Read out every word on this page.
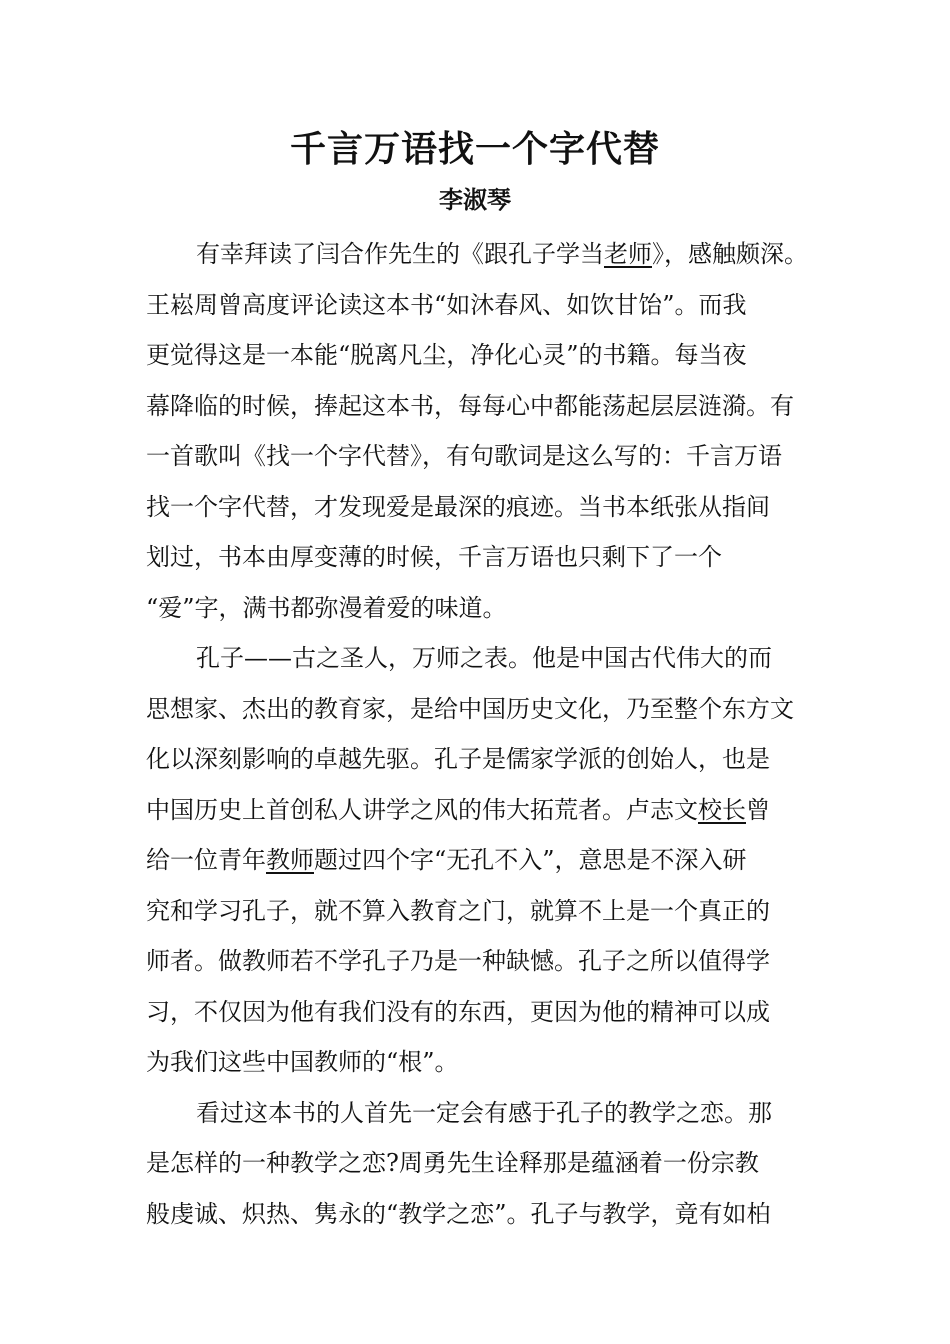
千言万语找一个字代替
李淑琴
有幸拜读了闫合作先生的《跟孔子学当老师》，感触颇深。
王崧周曾高度评论读这本书“如沐春风、如饮甘饴”。而我
更觉得这是一本能“脱离凡尘，净化心灵”的书籍。每当夜
幕降临的时候，捧起这本书，每每心中都能荡起层层涟漪。有
一首歌叫《找一个字代替》，有句歌词是这么写的：千言万语
找一个字代替，才发现爱是最深的痕迹。当书本纸张从指间
划过，书本由厚变薄的时候，千言万语也只剩下了一个
“爱”字，满书都弥漫着爱的味道。
孔子——古之圣人，万师之表。他是中国古代伟大的而
思想家、杰出的教育家，是给中国历史文化，乃至整个东方文
化以深刻影响的卓越先驱。孔子是儒家学派的创始人，也是
中国历史上首创私人讲学之风的伟大拓荒者。卢志文校长曾
给一位青年教师题过四个字“无孔不入”，意思是不深入研
究和学习孔子，就不算入教育之门，就算不上是一个真正的
师者。做教师若不学孔子乃是一种缺憾。孔子之所以值得学
习，不仅因为他有我们没有的东西，更因为他的精神可以成
为我们这些中国教师的“根”。
看过这本书的人首先一定会有感于孔子的教学之恋。那
是怎样的一种教学之恋?周勇先生诠释那是蕴涵着一份宗教
般虔诚、炽热、隽永的“教学之恋”。孔子与教学，竟有如柏
